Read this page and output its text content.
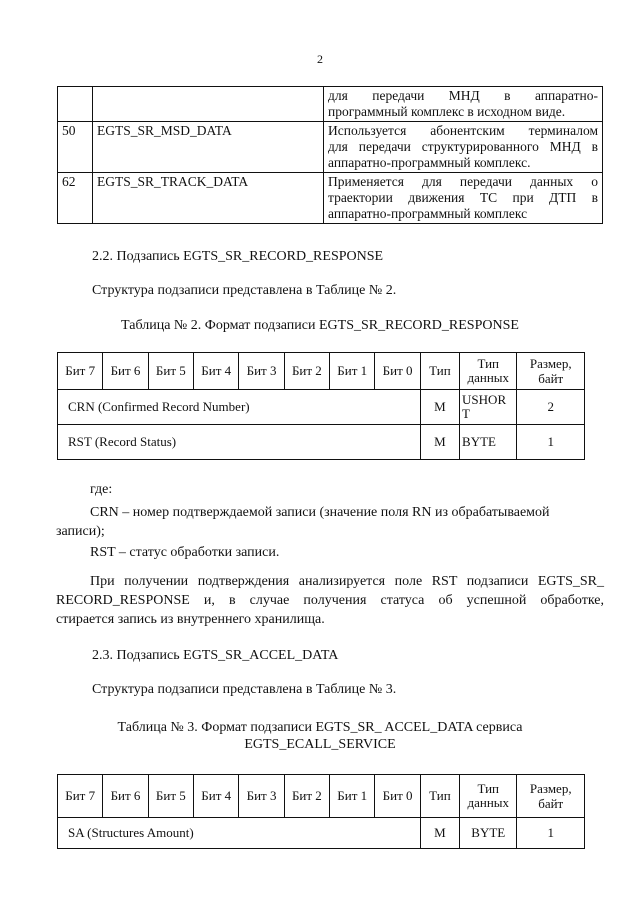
2

		для передачи МНД в аппаратно-
программный комплекс в исходном виде.

50	EGTS_SR_MSD_DATA	Используется абонентским терминалом
для передачи структурированного МНД в
аппаратно-программный комплекс.

62	EGTS_SR_TRACK_DATA	Применяется для передачи данных о
траектории движения ТС при ДТП в
аппаратно-программный комплекс
2.2. Подзапись EGTS_SR_RECORD_RESPONSE
Структура подзаписи представлена в Таблице № 2.
Таблица № 2. Формат подзаписи EGTS_SR_RECORD_RESPONSE
Бит 7	Бит 6	Бит 5	Бит 4	Бит 3	Бит 2	Бит 1	Бит 0	Тип	Тип
данных	Размер,
байт

CRN (Confirmed Record Number)								M	USHOR
T	2
RST (Record Status)								M	BYTE	1
где:
CRN – номер подтверждаемой записи (значение поля RN из обрабатываемой
записи);
RST – статус обработки записи.
При получении подтверждения анализируется поле RST подзаписи EGTS_SR_
RECORD_RESPONSE и, в случае получения статуса об успешной обработке,
стирается запись из внутреннего хранилища.
2.3. Подзапись EGTS_SR_ACCEL_DATA
Структура подзаписи представлена в Таблице № 3.
Таблица № 3. Формат подзаписи EGTS_SR_ ACCEL_DATA сервиса
EGTS_ECALL_SERVICE
Бит 7	Бит 6	Бит 5	Бит 4	Бит 3	Бит 2	Бит 1	Бит 0	Тип	Тип
данных	Размер,
байт

SA (Structures Amount)								M	BYTE	1
